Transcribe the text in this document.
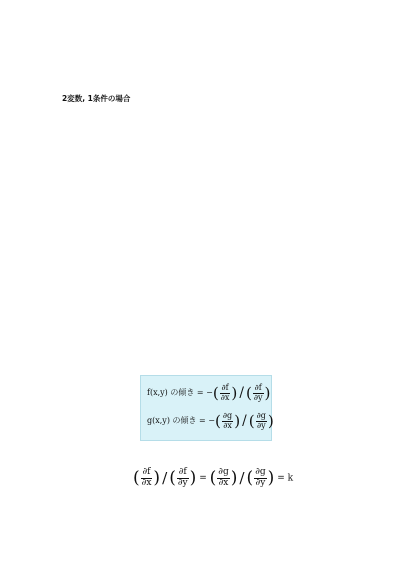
2変数, 1条件の場合
f(x,y) の傾き = −( $\frac{\partial f}{\partial x}$ ) / ( $\frac{\partial f}{\partial y}$ )
g(x,y) の傾き = −( $\frac{\partial g}{\partial x}$ ) / ( $\frac{\partial g}{\partial y}$ )
( $\frac{\partial f}{\partial x}$ ) / ( $\frac{\partial f}{\partial y}$ ) = ( $\frac{\partial g}{\partial x}$ ) / ( $\frac{\partial g}{\partial y}$ ) = k
